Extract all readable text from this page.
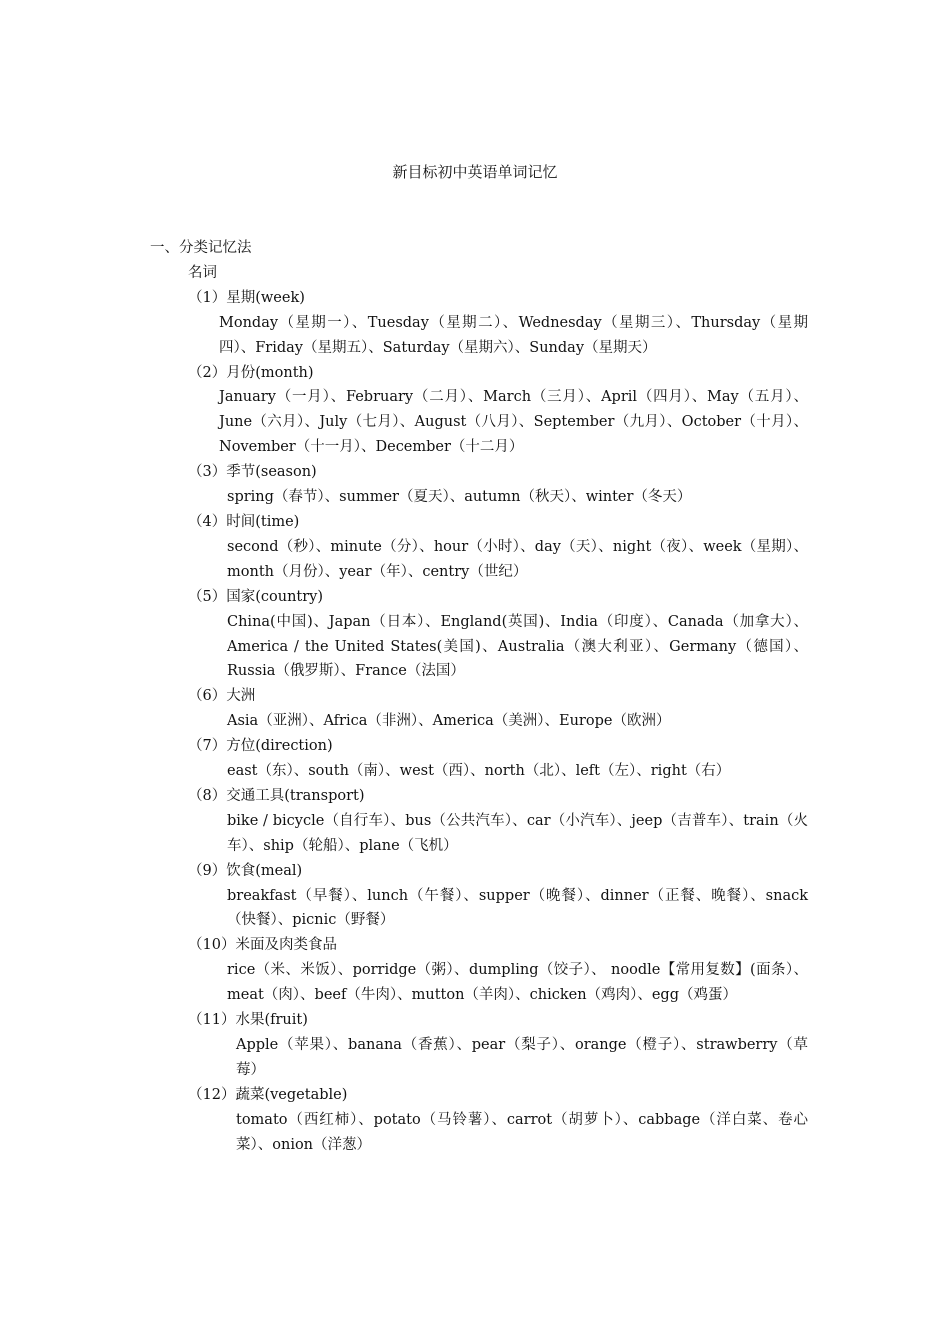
新目标初中英语单词记忆
一、分类记忆法
名词
（1）星期(week)
Monday（星期一）、Tuesday（星期二）、Wednesday（星期三）、Thursday（星期四）、Friday（星期五）、Saturday（星期六）、Sunday（星期天）
（2）月份(month)
January（一月）、February（二月）、March（三月）、April（四月）、May（五月）、June（六月）、July（七月）、August（八月）、September（九月）、October（十月）、November（十一月）、December（十二月）
（3）季节(season)
spring（春节）、summer（夏天）、autumn（秋天）、winter（冬天）
（4）时间(time)
second（秒）、minute（分）、hour（小时）、day（天）、night（夜）、week（星期）、month（月份）、year（年）、centry（世纪）
（5）国家(country)
China(中国)、Japan（日本）、England(英国)、India（印度）、Canada（加拿大）、America / the United States(美国)、Australia（澳大利亚）、Germany（德国）、Russia（俄罗斯）、France（法国）
（6）大洲
Asia（亚洲）、Africa（非洲）、America（美洲）、Europe（欧洲）
（7）方位(direction)
east（东）、south（南）、west（西）、north（北）、left（左）、right（右）
（8）交通工具(transport)
bike / bicycle（自行车）、bus（公共汽车）、car（小汽车）、jeep（吉普车）、train（火车）、ship（轮船）、plane（飞机）
（9）饮食(meal)
breakfast（早餐）、lunch（午餐）、supper（晚餐）、dinner（正餐、晚餐）、snack（快餐）、picnic（野餐）
（10）米面及肉类食品
rice（米、米饭）、porridge（粥）、dumpling（饺子）、 noodle【常用复数】(面条）、meat（肉）、beef（牛肉）、mutton（羊肉）、chicken（鸡肉）、egg（鸡蛋）
（11）水果(fruit)
Apple（苹果）、banana（香蕉）、pear（梨子）、orange（橙子）、strawberry（草莓）
（12）蔬菜(vegetable)
tomato（西红柿）、potato（马铃薯）、carrot（胡萝卜）、cabbage（洋白菜、卷心菜）、onion（洋葱）
